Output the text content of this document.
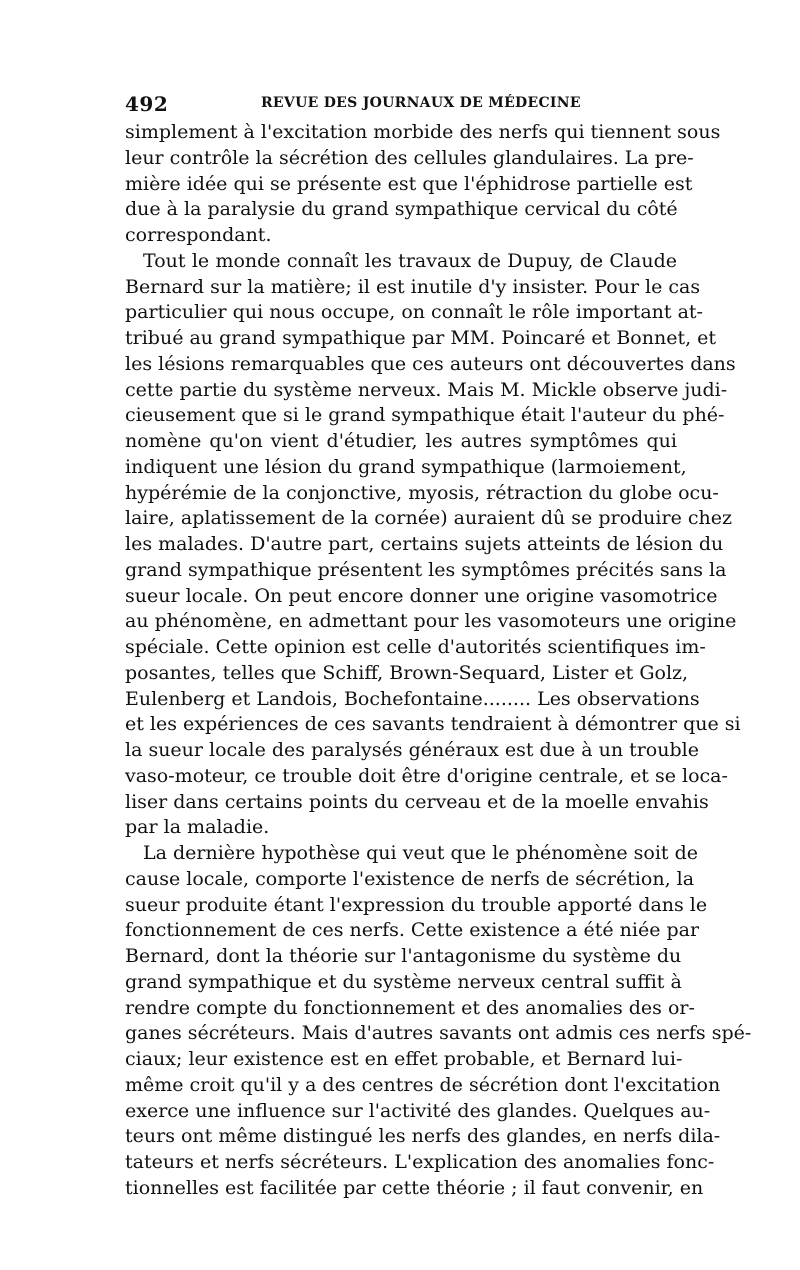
492	REVUE DES JOURNAUX DE MÉDECINE
simplement à l'excitation morbide des nerfs qui tiennent sous
leur contrôle la sécrétion des cellules glandulaires. La pre-
mière idée qui se présente est que l'éphidrose partielle est
due à la paralysie du grand sympathique cervical du côté
correspondant.
Tout le monde connaît les travaux de Dupuy, de Claude
Bernard sur la matière; il est inutile d'y insister. Pour le cas
particulier qui nous occupe, on connaît le rôle important at-
tribué au grand sympathique par MM. Poincaré et Bonnet, et
les lésions remarquables que ces auteurs ont découvertes dans
cette partie du système nerveux. Mais M. Mickle observe judi-
cieusement que si le grand sympathique était l'auteur du phé-
nomène qu'on vient d'étudier, les autres symptômes qui
indiquent une lésion du grand sympathique (larmoiement,
hypérémie de la conjonctive, myosis, rétraction du globe ocu-
laire, aplatissement de la cornée) auraient dû se produire chez
les malades. D'autre part, certains sujets atteints de lésion du
grand sympathique présentent les symptômes précités sans la
sueur locale. On peut encore donner une origine vasomotrice
au phénomène, en admettant pour les vasomoteurs une origine
spéciale. Cette opinion est celle d'autorités scientifiques im-
posantes, telles que Schiff, Brown-Sequard, Lister et Golz,
Eulenberg et Landois, Bochefontaine........ Les observations
et les expériences de ces savants tendraient à démontrer que si
la sueur locale des paralysés généraux est due à un trouble
vaso-moteur, ce trouble doit être d'origine centrale, et se loca-
liser dans certains points du cerveau et de la moelle envahis
par la maladie.
La dernière hypothèse qui veut que le phénomène soit de
cause locale, comporte l'existence de nerfs de sécrétion, la
sueur produite étant l'expression du trouble apporté dans le
fonctionnement de ces nerfs. Cette existence a été niée par
Bernard, dont la théorie sur l'antagonisme du système du
grand sympathique et du système nerveux central suffit à
rendre compte du fonctionnement et des anomalies des or-
ganes sécréteurs. Mais d'autres savants ont admis ces nerfs spé-
ciaux; leur existence est en effet probable, et Bernard lui-
même croit qu'il y a des centres de sécrétion dont l'excitation
exerce une influence sur l'activité des glandes. Quelques au-
teurs ont même distingué les nerfs des glandes, en nerfs dila-
tateurs et nerfs sécréteurs. L'explication des anomalies fonc-
tionnelles est facilitée par cette théorie ; il faut convenir, en
